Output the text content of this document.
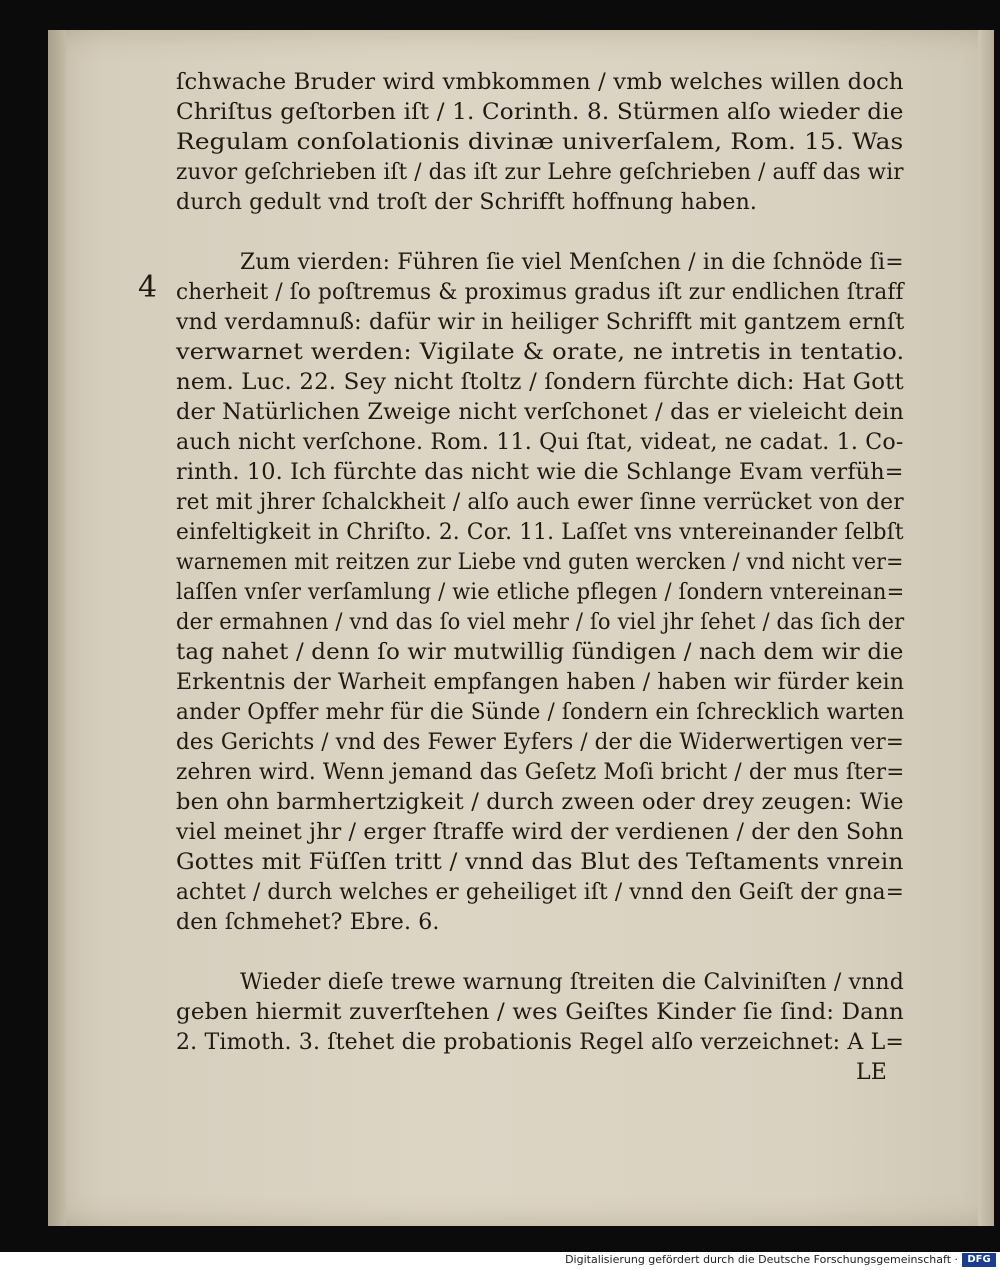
4
ſchwache Bruder wird vmbkommen / vmb welches willen doch
Chriſtus geſtorben iſt / 1. Corinth. 8. Stürmen alſo wieder die
Regulam conſolationis divinæ univerſalem, Rom. 15. Was
zuvor geſchrieben iſt / das iſt zur Lehre geſchrieben / auff das wir
durch gedult vnd troſt der Schrifft hoffnung haben.
Zum vierden: Führen ſie viel Menſchen / in die ſchnöde ſi=
cherheit / ſo poſtremus & proximus gradus iſt zur endlichen ſtraff
vnd verdamnuß: dafür wir in heiliger Schrifft mit gantzem ernſt
verwarnet werden: Vigilate & orate, ne intretis in tentatio.
nem. Luc. 22. Sey nicht ſtoltz / ſondern fürchte dich: Hat Gott
der Natürlichen Zweige nicht verſchonet / das er vieleicht dein
auch nicht verſchone. Rom. 11. Qui ſtat, videat, ne cadat. 1. Co-
rinth. 10. Ich fürchte das nicht wie die Schlange Evam verfüh=
ret mit jhrer ſchalckheit / alſo auch ewer ſinne verrücket von der
einfeltigkeit in Chriſto. 2. Cor. 11. Laſſet vns vntereinander ſelbſt
warnemen mit reitzen zur Liebe vnd guten wercken / vnd nicht ver=
laſſen vnſer verſamlung / wie etliche pflegen / ſondern vntereinan=
der ermahnen / vnd das ſo viel mehr / ſo viel jhr ſehet / das ſich der
tag nahet / denn ſo wir mutwillig ſündigen / nach dem wir die
Erkentnis der Warheit empfangen haben / haben wir fürder kein
ander Opffer mehr für die Sünde / ſondern ein ſchrecklich warten
des Gerichts / vnd des Fewer Eyfers / der die Widerwertigen ver=
zehren wird. Wenn jemand das Geſetz Moſi bricht / der mus ſter=
ben ohn barmhertzigkeit / durch zween oder drey zeugen: Wie
viel meinet jhr / erger ſtraffe wird der verdienen / der den Sohn
Gottes mit Füſſen tritt / vnnd das Blut des Teſtaments vnrein
achtet / durch welches er geheiliget iſt / vnnd den Geiſt der gna=
den ſchmehet? Ebre. 6.
Wieder dieſe trewe warnung ſtreiten die Calviniſten / vnnd
geben hiermit zuverſtehen / wes Geiſtes Kinder ſie ſind: Dann
2. Timoth. 3. ſtehet die probationis Regel alſo verzeichnet: A L=
LE
Digitalisierung gefördert durch die Deutsche Forschungsgemeinschaft · DFG
